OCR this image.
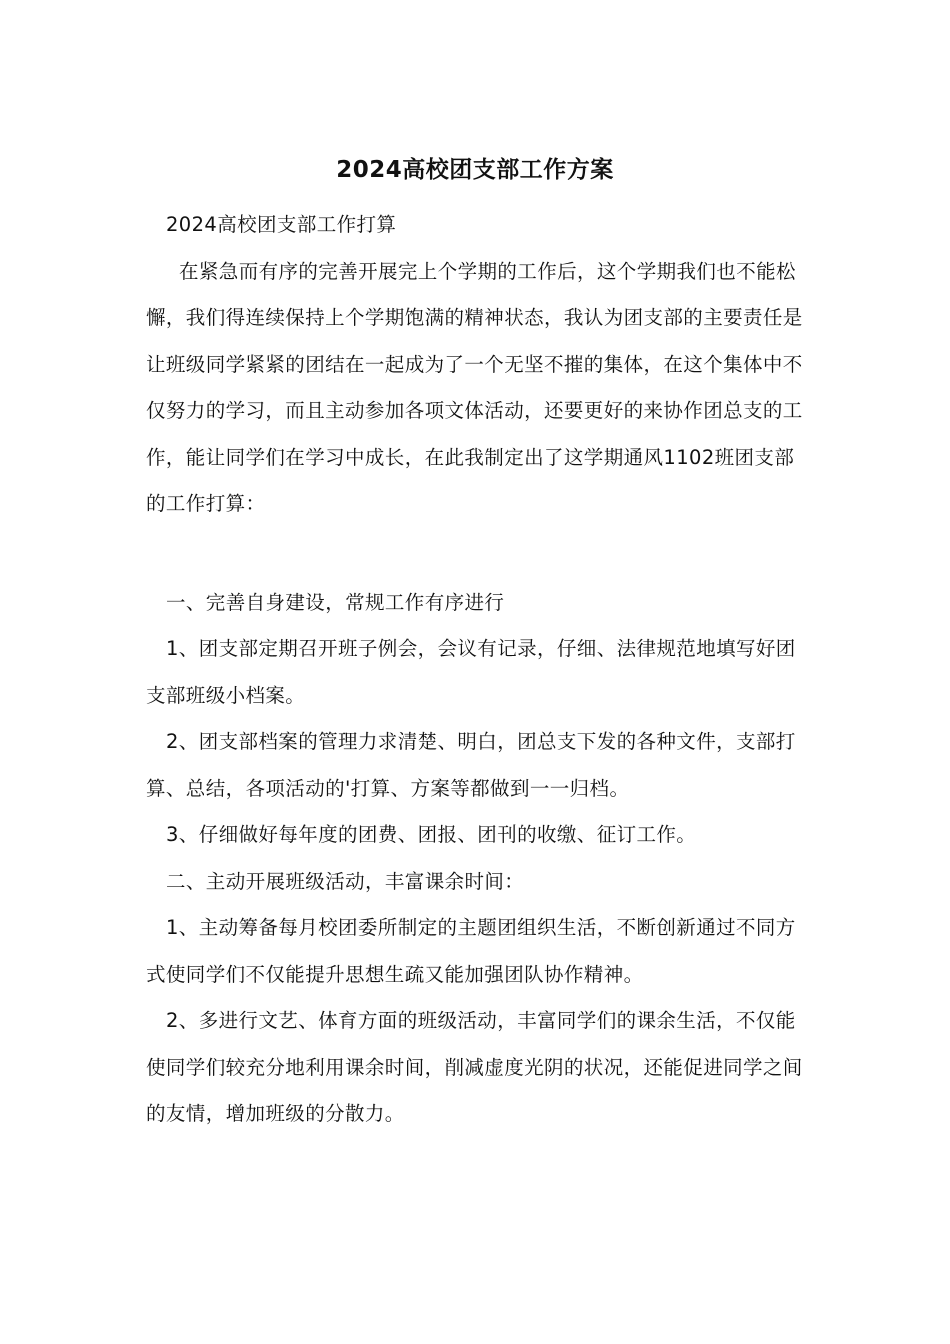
2024高校团支部工作方案

2024高校团支部工作打算

在紧急而有序的完善开展完上个学期的工作后，这个学期我们也不能松懈，我们得连续保持上个学期饱满的精神状态，我认为团支部的主要责任是让班级同学紧紧的团结在一起成为了一个无坚不摧的集体，在这个集体中不仅努力的学习，而且主动参加各项文体活动，还要更好的来协作团总支的工作，能让同学们在学习中成长，在此我制定出了这学期通风1102班团支部的工作打算：

一、完善自身建设，常规工作有序进行

1、团支部定期召开班子例会，会议有记录，仔细、法律规范地填写好团支部班级小档案。

2、团支部档案的管理力求清楚、明白，团总支下发的各种文件，支部打算、总结，各项活动的'打算、方案等都做到一一归档。

3、仔细做好每年度的团费、团报、团刊的收缴、征订工作。

二、主动开展班级活动，丰富课余时间：

1、主动筹备每月校团委所制定的主题团组织生活，不断创新通过不同方式使同学们不仅能提升思想生疏又能加强团队协作精神。

2、多进行文艺、体育方面的班级活动，丰富同学们的课余生活，不仅能使同学们较充分地利用课余时间，削减虚度光阴的状况，还能促进同学之间的友情，增加班级的分散力。
